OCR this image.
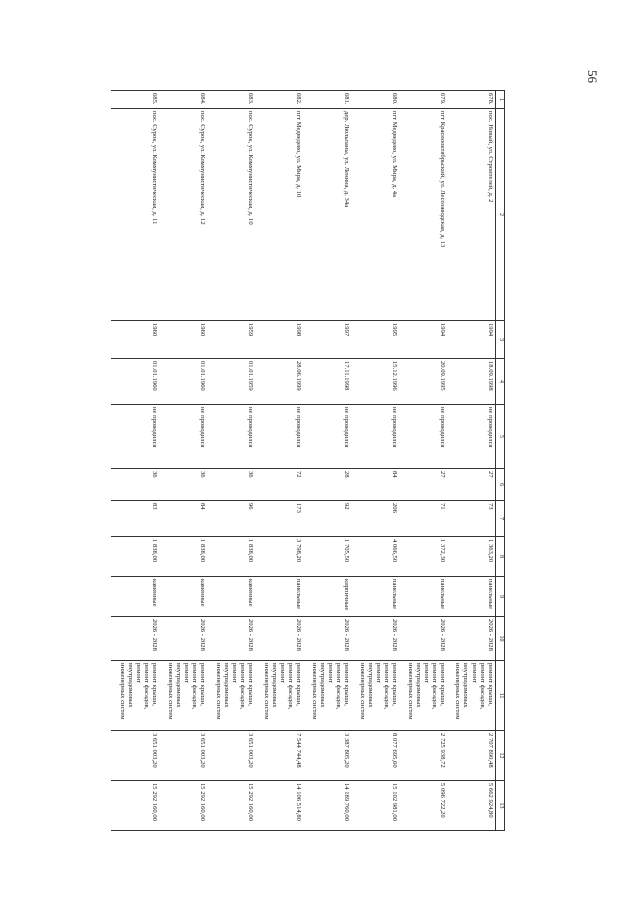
56
1	2	3	4	5	6	7	8	9	10	11	12	13
678.	пос. Новый, ул. Строителей, д. 2	1994	18.09.1998	не проводился	27	73	1 363,20	панельные	2026 - 2028	ремонт крыши,
ремонт фасадов,
ремонт
внутридомовых
инженерных систем	2 707 890,48	5 662 924,80
679.	пгт Краснооктябрьский, ул. Лесозаводская, д. 13	1994	20.09.1995	не проводился	27	71	1 372,30	панельные	2026 - 2028	ремонт крыши,
ремонт фасадов,
ремонт
внутридомовых
инженерных систем	2 725 938,72	5 096 722,20
680.	пгт Медведево, ул. Мира, д. 4а	1995	15.12.1996	не проводился	84	206	4 066,50	панельные	2026 - 2028	ремонт крыши,
ремонт фасадов,
ремонт
внутридомовых
инженерных систем	8 077 695,60	15 102 981,00
681.	дер. Люльпаны, ул. Ленина, д. 34а	1997	17.11.1998	не проводился	28	92	1 705,50	кирпичные	2026 - 2028	ремонт крыши,
ремонт фасадов,
ремонт
внутридомовых
инженерных систем	3 387 805,20	14 189 760,00
682.	пгт Медведево, ул. Мира, д. 10	1998	28.06.1999	не проводился	72	173	3 798,20	панельные	2026 - 2028	ремонт крыши,
ремонт фасадов,
ремонт
внутридомовых
инженерных систем	7 544 744,48	14 106 514,80
683.	пос. Сурок, ул. Коммунистическая, д. 10	1959	01.01.1959	не проводился	36	96	1 838,00	каменные	2026 - 2028	ремонт крыши,
ремонт фасадов,
ремонт
внутридомовых
инженерных систем	3 651 003,20	15 292 160,00
684.	пос. Сурок, ул. Коммунистическая, д. 12	1960	01.01.1960	не проводился	36	84	1 838,00	каменные	2026 - 2028	ремонт крыши,
ремонт фасадов,
ремонт
внутридомовых
инженерных систем	3 651 003,20	15 292 160,00
685.	пос. Сурок, ул. Коммунистическая, д. 11	1960	01.01.1960	не проводился	36	83	1 838,00	каменные	2026 - 2028	ремонт крыши,
ремонт фасадов,
ремонт
внутридомовых
инженерных систем	3 651 003,20	15 292 160,00
